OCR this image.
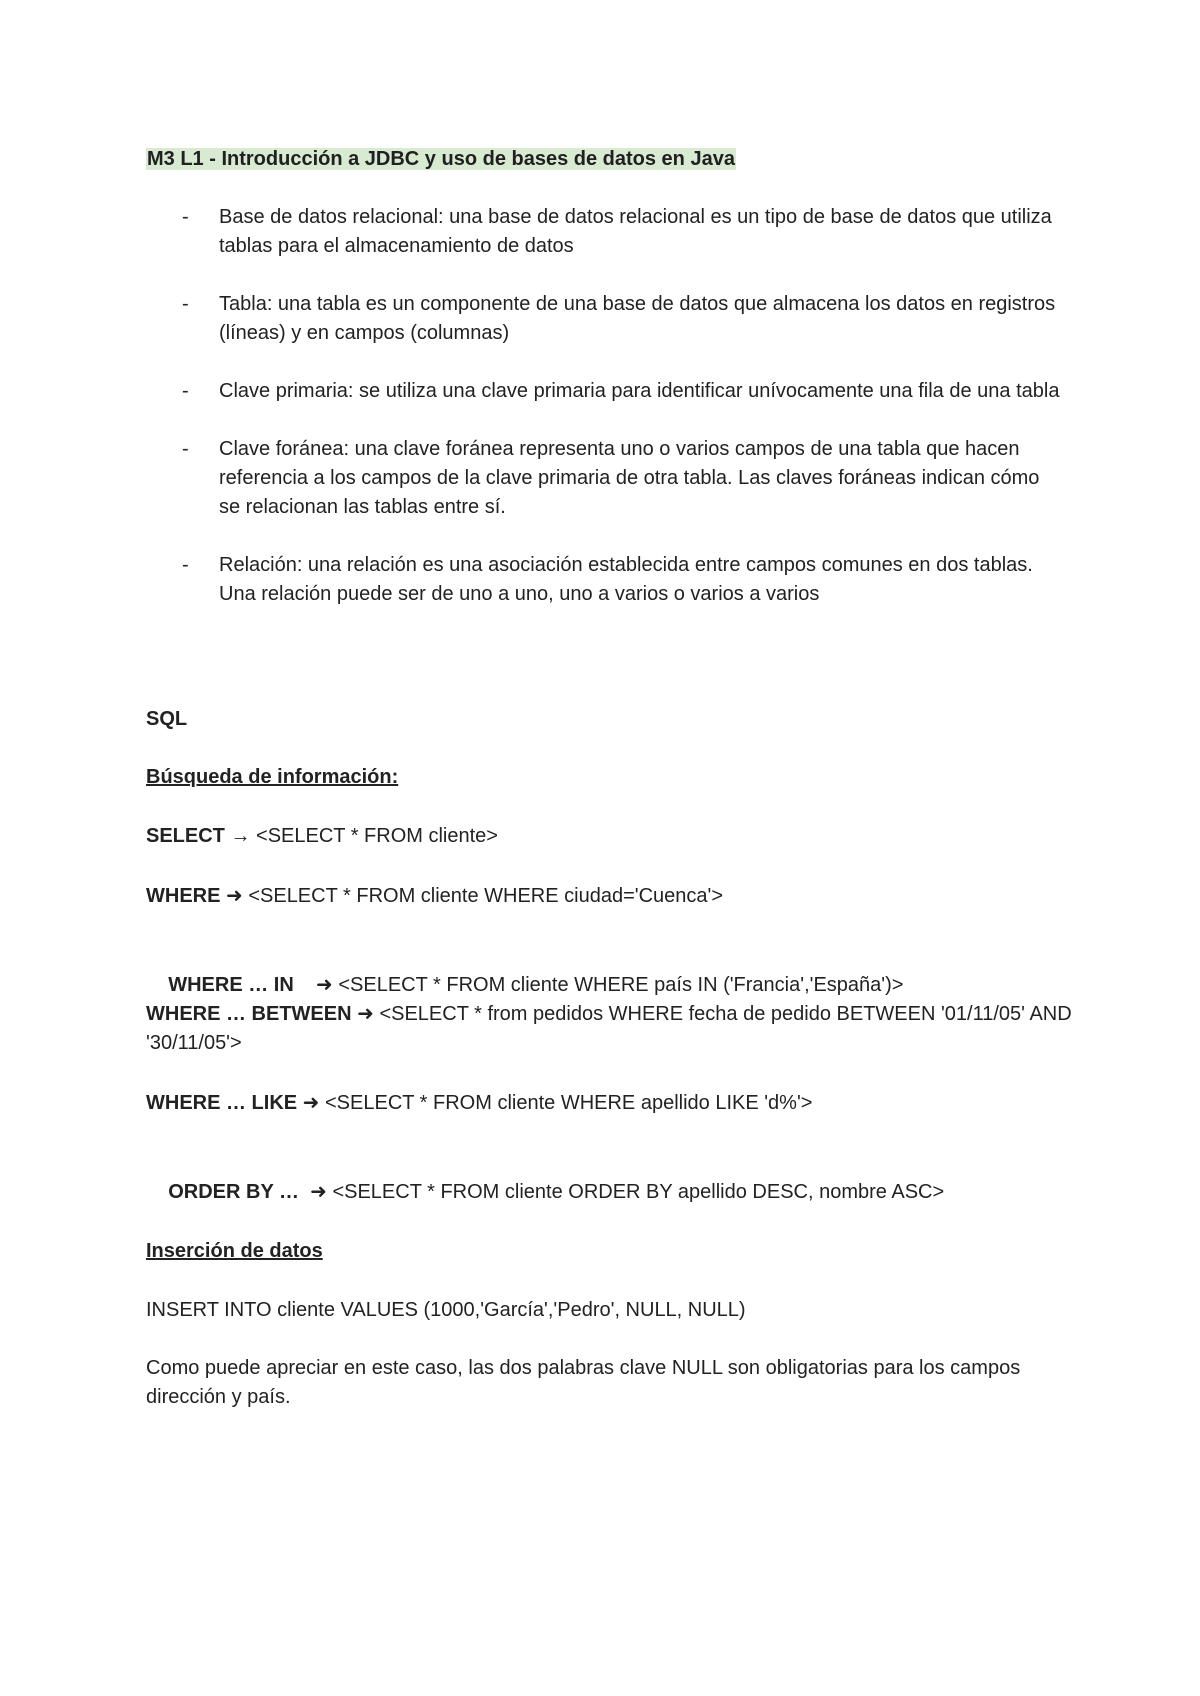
M3 L1 - Introducción a JDBC y uso de bases de datos en Java
- Base de datos relacional: una base de datos relacional es un tipo de base de datos que utiliza tablas para el almacenamiento de datos
- Tabla: una tabla es un componente de una base de datos que almacena los datos en registros (líneas) y en campos (columnas)
- Clave primaria: se utiliza una clave primaria para identificar unívocamente una fila de una tabla
- Clave foránea: una clave foránea representa uno o varios campos de una tabla que hacen referencia a los campos de la clave primaria de otra tabla. Las claves foráneas indican cómo se relacionan las tablas entre sí.
- Relación: una relación es una asociación establecida entre campos comunes en dos tablas. Una relación puede ser de uno a uno, uno a varios o varios a varios
SQL
Búsqueda de información:
SELECT → <SELECT * FROM cliente>
WHERE ➜ <SELECT * FROM cliente WHERE ciudad='Cuenca'>

WHERE … IN    ➜ <SELECT * FROM cliente WHERE país IN ('Francia','España')>

WHERE … BETWEEN ➜ <SELECT * from pedidos WHERE fecha de pedido BETWEEN '01/11/05' AND '30/11/05'>
WHERE … LIKE ➜ <SELECT * FROM cliente WHERE apellido LIKE 'd%'>

ORDER BY …  ➜ <SELECT * FROM cliente ORDER BY apellido DESC, nombre ASC>

Inserción de datos
INSERT INTO cliente VALUES (1000,'García','Pedro', NULL, NULL)
Como puede apreciar en este caso, las dos palabras clave NULL son obligatorias para los campos dirección y país.
